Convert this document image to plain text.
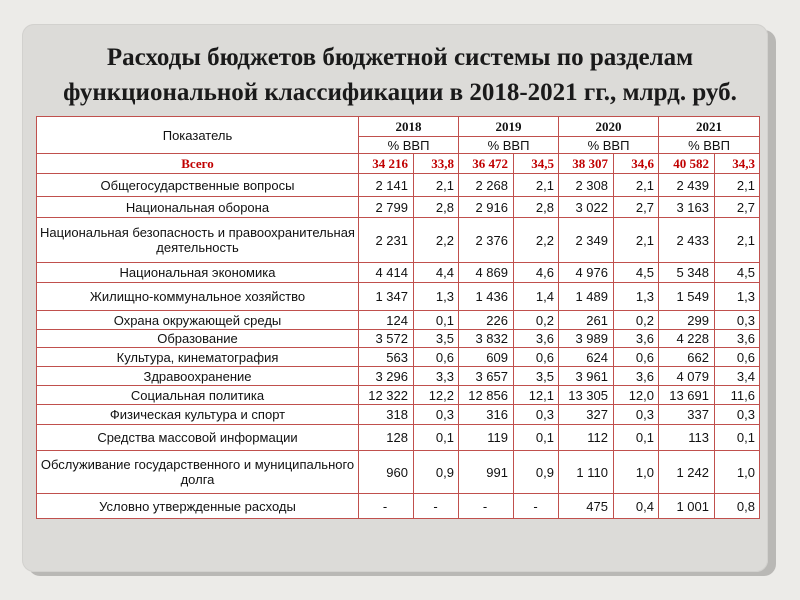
Расходы бюджетов бюджетной системы по разделам
функциональной классификации в 2018-2021 гг., млрд. руб.
Показатель	2018		2019		2020		2021	
	% ВВП		% ВВП		% ВВП		% ВВП	
Всего	34 216	33,8	36 472	34,5	38 307	34,6	40 582	34,3
Общегосударственные вопросы	2 141	2,1	2 268	2,1	2 308	2,1	2 439	2,1
Национальная оборона	2 799	2,8	2 916	2,8	3 022	2,7	3 163	2,7
Национальная безопасность и правоохранительная деятельность	2 231	2,2	2 376	2,2	2 349	2,1	2 433	2,1
Национальная экономика	4 414	4,4	4 869	4,6	4 976	4,5	5 348	4,5
Жилищно-коммунальное хозяйство	1 347	1,3	1 436	1,4	1 489	1,3	1 549	1,3
Охрана окружающей среды	124	0,1	226	0,2	261	0,2	299	0,3
Образование	3 572	3,5	3 832	3,6	3 989	3,6	4 228	3,6
Культура, кинематография	563	0,6	609	0,6	624	0,6	662	0,6
Здравоохранение	3 296	3,3	3 657	3,5	3 961	3,6	4 079	3,4
Социальная политика	12 322	12,2	12 856	12,1	13 305	12,0	13 691	11,6
Физическая культура и спорт	318	0,3	316	0,3	327	0,3	337	0,3
Средства массовой информации	128	0,1	119	0,1	112	0,1	113	0,1
Обслуживание государственного и муниципального долга	960	0,9	991	0,9	1 110	1,0	1 242	1,0
Условно утвержденные расходы	-	-	-	-	475	0,4	1 001	0,8
